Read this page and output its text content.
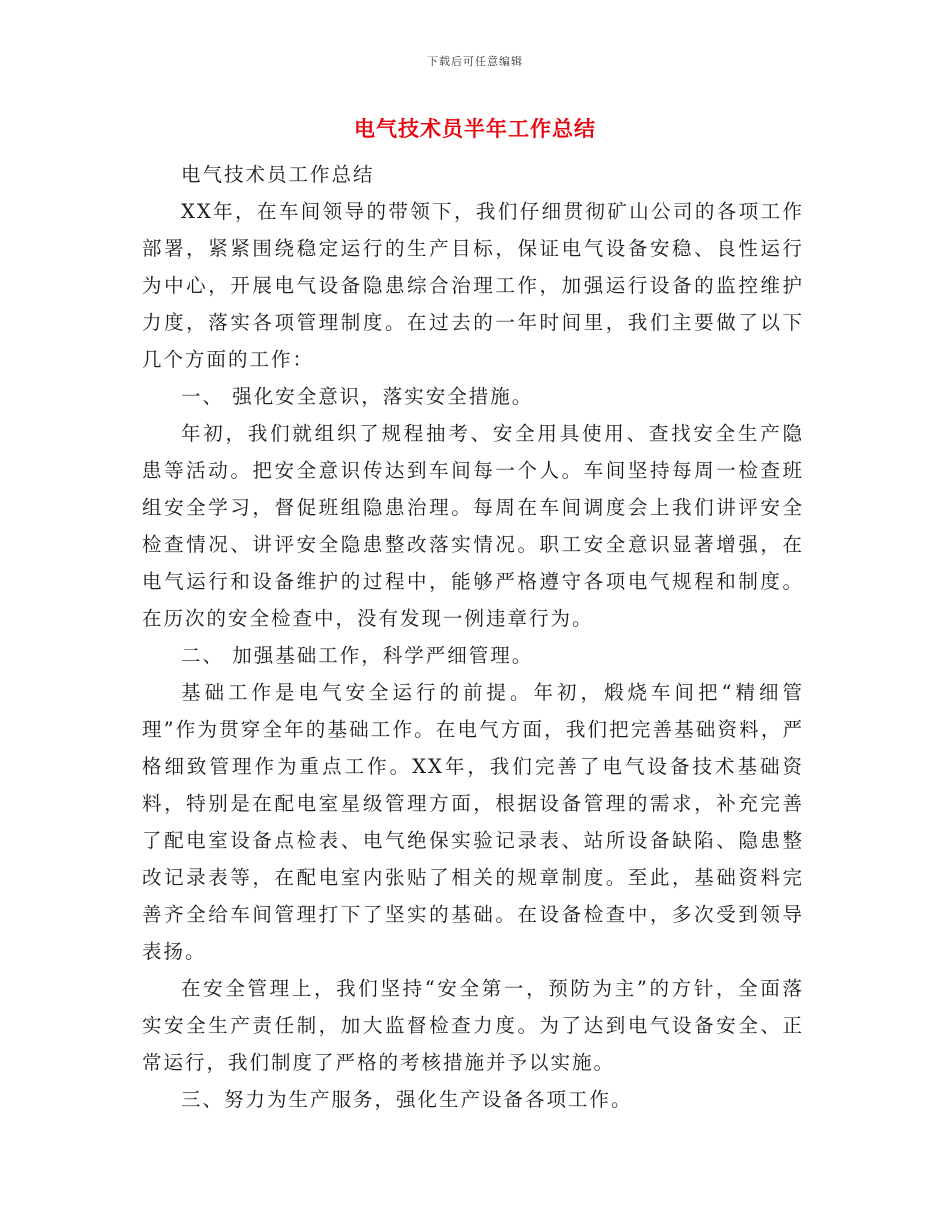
下载后可任意编辑
电气技术员半年工作总结

电气技术员工作总结

XX年，在车间领导的带领下，我们仔细贯彻矿山公司的各项工作部署，紧紧围绕稳定运行的生产目标，保证电气设备安稳、良性运行为中心，开展电气设备隐患综合治理工作，加强运行设备的监控维护力度，落实各项管理制度。在过去的一年时间里，我们主要做了以下几个方面的工作：

一、 强化安全意识，落实安全措施。

年初，我们就组织了规程抽考、安全用具使用、查找安全生产隐患等活动。把安全意识传达到车间每一个人。车间坚持每周一检查班组安全学习，督促班组隐患治理。每周在车间调度会上我们讲评安全检查情况、讲评安全隐患整改落实情况。职工安全意识显著增强，在电气运行和设备维护的过程中，能够严格遵守各项电气规程和制度。在历次的安全检查中，没有发现一例违章行为。

二、 加强基础工作，科学严细管理。

基础工作是电气安全运行的前提。年初，煅烧车间把“精细管理”作为贯穿全年的基础工作。在电气方面，我们把完善基础资料，严格细致管理作为重点工作。XX年，我们完善了电气设备技术基础资料，特别是在配电室星级管理方面，根据设备管理的需求，补充完善了配电室设备点检表、电气绝保实验记录表、站所设备缺陷、隐患整改记录表等，在配电室内张贴了相关的规章制度。至此，基础资料完善齐全给车间管理打下了坚实的基础。在设备检查中，多次受到领导表扬。

在安全管理上，我们坚持“安全第一，预防为主”的方针，全面落实安全生产责任制，加大监督检查力度。为了达到电气设备安全、正常运行，我们制度了严格的考核措施并予以实施。

三、努力为生产服务，强化生产设备各项工作。
